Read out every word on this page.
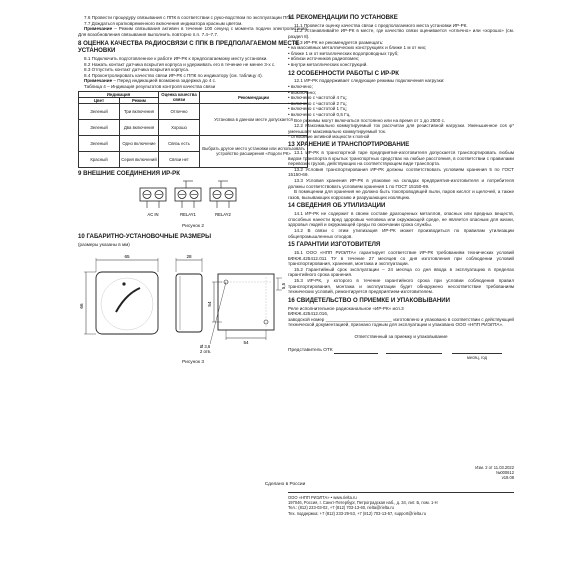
7.6 Провести процедуру связывания с ППК в соответствии с руко-водством по эксплуатации ППК.

7.7 Дождаться кратковременного включения индикатора красным цветом.

Примечание – Режим связывания активен в течение 100 секунд с момента подачи электропитания. Для возобновления связывания выполнить повторно п.п. 7.4–7.7.

8 ОЦЕНКА КАЧЕСТВА РАДИОСВЯЗИ С ППК В ПРЕДПОЛАГАЕМОМ МЕСТЕ УСТАНОВКИ

8.1 Подключить подготовленное к работе ИР-РК к предполагаемому месту установки.

8.2 Нажать контакт датчика вскрытия корпуса и удерживать его в течение не менее 3-х с.

8.3 Отпустить контакт датчика вскрытия корпуса.

8.4 Проконтролировать качество связи ИР-РК с ППК по индикатору (см. таблицу 4).

Примечание – Перед индикацией возможна задержка до 4 с.

Таблица 4 – Индикация результатов контроля качества связи

Индикация		Оценка качества связи	Рекомендации
Цвет	Режим		
Зеленый	Три включения	Отлично	Установка в данном месте допускается
Зеленый	Два включения	Хорошо	
Зеленый	Одно включение	Связь есть	Выбрать другое место установки или использовать устройство расширения «Лодоги РК»
Красный	Серия включений	Связи нет	
9 ВНЕШНИЕ СОЕДИНЕНИЯ ИР-РК
AC IN	RELAY1	RELAY2
Рисунок 2
10 ГАБАРИТНО-УСТАНОВОЧНЫЕ РАЗМЕРЫ

(размеры указаны в мм)

65
66
28
5,5
54
54
Ø 3,6
2 отв.
Рисунок 3
11 РЕКОМЕНДАЦИИ ПО УСТАНОВКЕ

11.1 Провести оценку качества связи с предполагаемого места установки ИР-РК.

11.2 Устанавливайте ИР-РК в месте, где качество связи оценивается «отлично» или «хорошо» (см. раздел 8).

11.3 ИР-РК не рекомендуется размещать:

• на массивных металлических конструкциях и ближе 1 м от них;

• ближе 1 м от металлических водопроводных труб;

• вблизи источников радиопомех;

• внутри металлических конструкций.

12 ОСОБЕННОСТИ РАБОТЫ С ИР-РК

12.1 ИР-РК поддерживает следующие режимы подключения нагрузки:

• включено;

• выключено;

• включено с частотой 4 Гц;

• включено с частотой 2 Гц;

• включено с частотой 1 Гц;

• включено с частотой 0,5 Гц.

Все режимы могут включаться постоянно или на время от 1 до 2500 с.

12.2 Максимально коммутируемый ток рассчитан для резистивной нагрузки. Уменьшенное cos φ* уменьшает максимально коммутируемый ток.

* Отношение активной мощности к полной

13 ХРАНЕНИЕ И ТРАНСПОРТИРОВАНИЕ

13.1 ИР-РК в транспортной таре предприятия-изготовителя допускается транспортировать любым видом транспорта в крытых транспортных средствах на любые расстояния, в соответствии с правилами перевозки грузов, действующих на соответствующем виде транспорта.

13.2 Условия транспортирования ИР-РК должны соответствовать условиям хранения 5 по ГОСТ 15150-69.

13.3 Условия хранения ИР-РК в упаковке на складах предприятия-изготовителя и потребителя должны соответствовать условиям хранения 1 по ГОСТ 15150-69.

В помещении для хранения не должно быть токопроводящей пыли, паров кислот и щелочей, а также газов, вызывающих коррозию и разрушающих изоляцию.

14 СВЕДЕНИЯ ОБ УТИЛИЗАЦИИ

14.1 ИР-РК не содержит в своем составе драгоценных металлов, опасных или вредных веществ, способных нанести вред здоровью человека или окружающей среде, не является опасным для жизни, здоровья людей и окружающей среды по окончании срока службы.

14.2 В связи с этим утилизация ИР-РК может производиться по правилам утилизации общепромышленных отходов.

15 ГАРАНТИИ ИЗГОТОВИТЕЛЯ

15.1 ООО «НПП РИЭЛТА» гарантирует соответствие ИР-РК требованиям технических условий БФКЖ.425412.011 ТУ в течение 27 месяцев со дня изготовления при соблюдении условий транспортирования, хранения, монтажа и эксплуатации.

15.2 Гарантийный срок эксплуатации – 24 месяца со дня ввода в эксплуатацию в пределах гарантийного срока хранения.

15.3 ИР-РК, у которого в течение гарантийного срока при условии соблюдения правил транспортирования, монтажа и эксплуатации будет обнаружено несоответствие требованиям технических условий, ремонтируется предприятием-изготовителем.

16 СВИДЕТЕЛЬСТВО О ПРИЕМКЕ И УПАКОВЫВАНИИ

Реле исполнительное радиоканальное «ИР-РК» исп.3

БФКЖ.425412.016,

заводской номер __________________________ изготовлено и упаковано в соответствии с действующей технической документацией, признано годным для эксплуатации и упаковано ООО «НПП РИЭЛТА».

Ответственный за приемку и упаковывание

Представитель ОТК
месяц, год
Изм. 2 от 11.03.2022
№000612
v19.08
Сделано в России
ООО «НПП РИЭЛТА» • www.rielta.ru
197046, Россия, г. Санкт-Петербург, Петроградская наб., д. 34, лит. Б, пом. 1-Н
Тел.: (812) 233-03-02, +7 (812) 703-13-60, rielta@rielta.ru
Тех. поддержка: +7 (812) 233-29-53, +7 (812) 703-13-57, support@rielta.ru
